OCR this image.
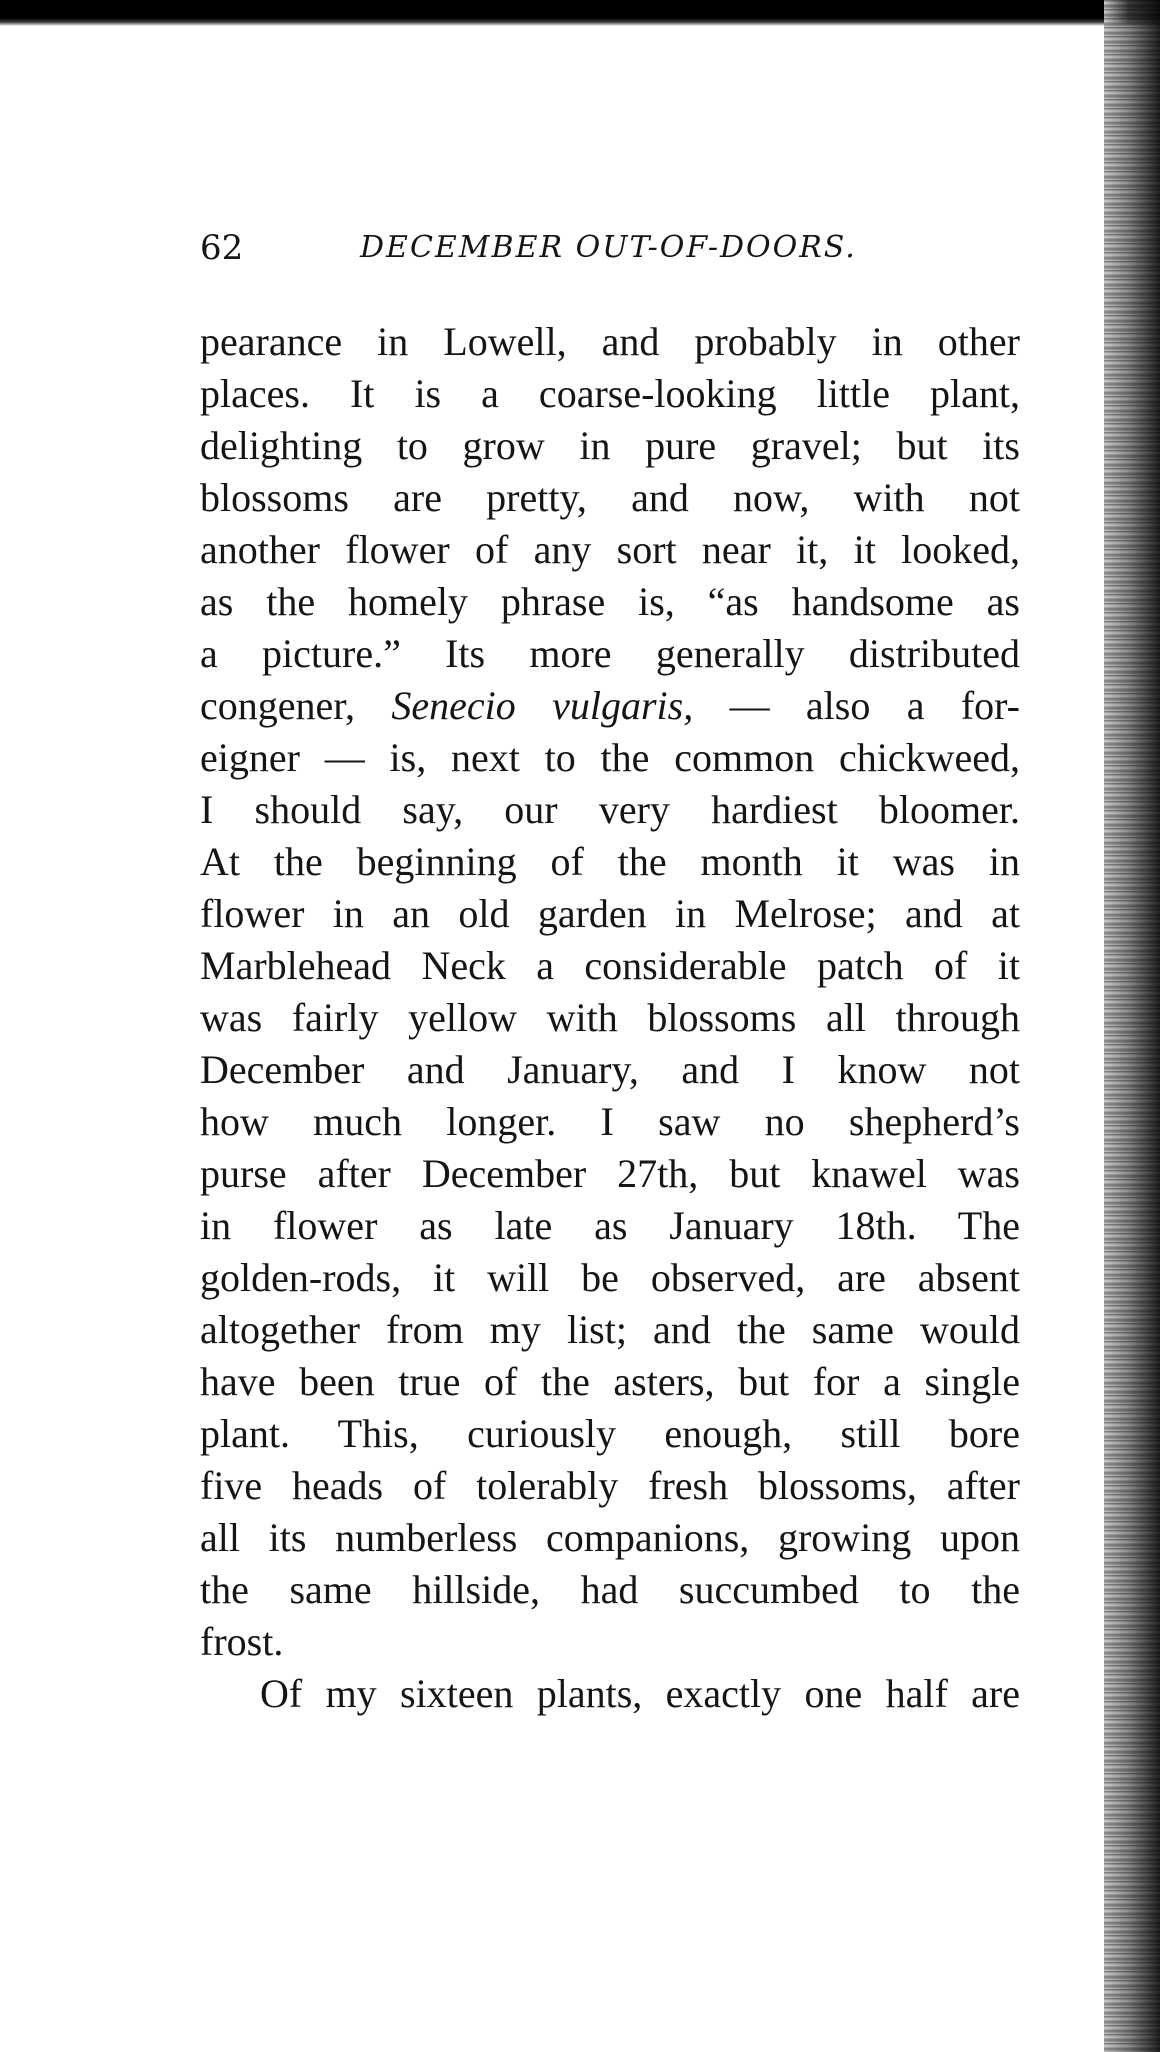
62	DECEMBER OUT-OF-DOORS.
pearance in Lowell, and probably in other
places. It is a coarse-looking little plant,
delighting to grow in pure gravel; but its
blossoms are pretty, and now, with not
another flower of any sort near it, it looked,
as the homely phrase is, “as handsome as
a picture.” Its more generally distributed
congener, Senecio vulgaris, — also a for-
eigner — is, next to the common chickweed,
I should say, our very hardiest bloomer.
At the beginning of the month it was in
flower in an old garden in Melrose; and at
Marblehead Neck a considerable patch of it
was fairly yellow with blossoms all through
December and January, and I know not
how much longer. I saw no shepherd’s
purse after December 27th, but knawel was
in flower as late as January 18th. The
golden-rods, it will be observed, are absent
altogether from my list; and the same would
have been true of the asters, but for a single
plant. This, curiously enough, still bore
five heads of tolerably fresh blossoms, after
all its numberless companions, growing upon
the same hillside, had succumbed to the
frost.
Of my sixteen plants, exactly one half are
